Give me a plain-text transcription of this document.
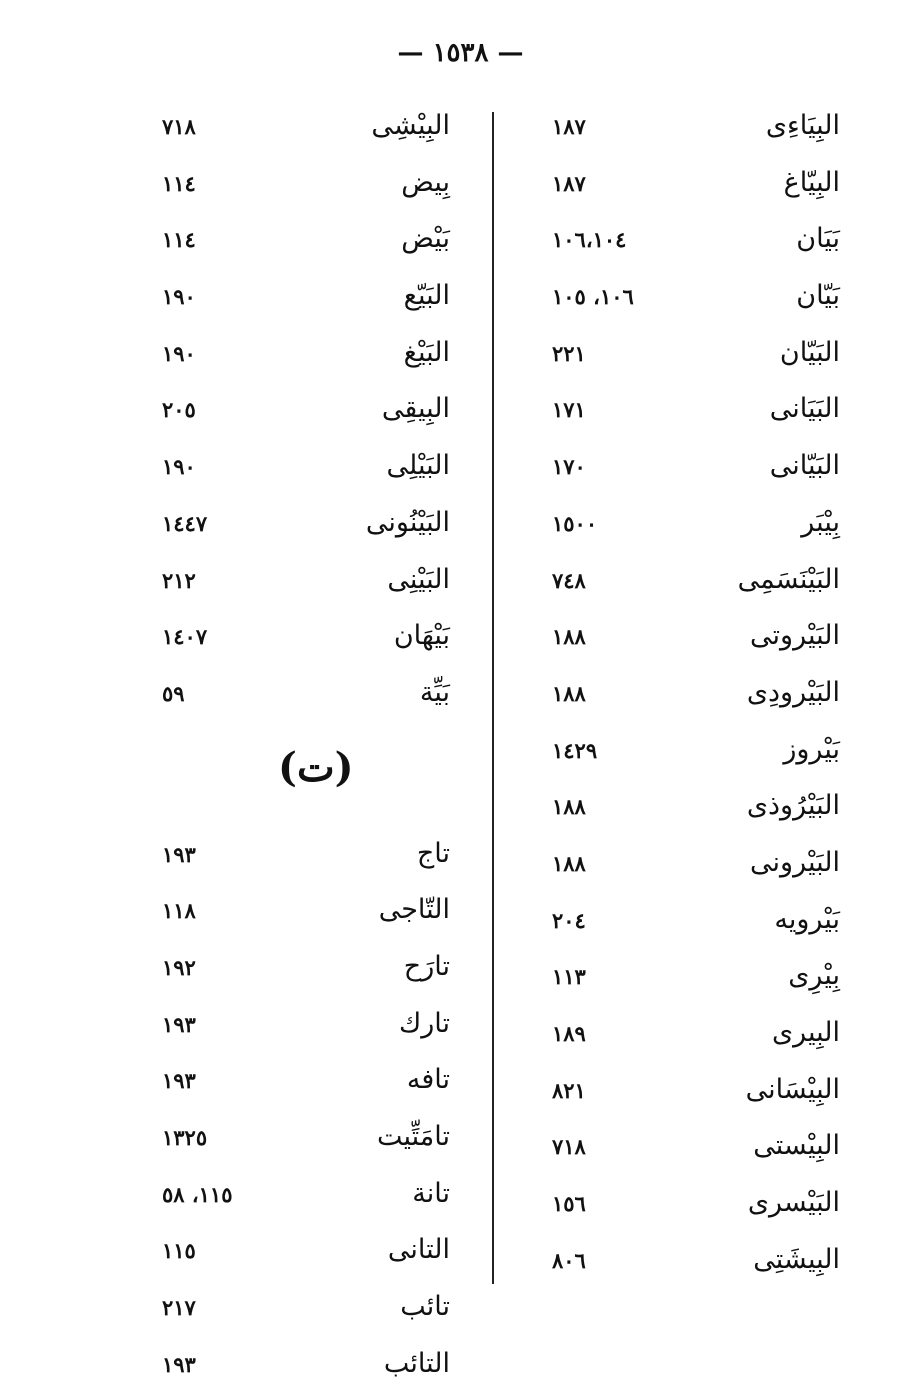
— ١٥٣٨ —
البِيَاءِى
١٨٧
البِيّاغ
١٨٧
بَيَان
١٠٦،١٠٤
بَيّان
١٠٦، ١٠٥
البَيّان
٢٢١
البَيَانى
١٧١
البَيّانى
١٧٠
بِيْبَر
١٥٠٠
البَيْنَسَمِى
٧٤٨
البَيْروتى
١٨٨
البَيْرودِى
١٨٨
بَيْروز
١٤٢٩
البَيْرُوذى
١٨٨
البَيْرونى
١٨٨
بَيْرويه
٢٠٤
بِيْرِى
١١٣
البِيرى
١٨٩
البِيْسَانى
٨٢١
البِيْستى
٧١٨
البَيْسرى
١٥٦
البِيشَتِى
٨٠٦
البِيْشِى
٧١٨
بِيض
١١٤
بَيْض
١١٤
البَيّع
١٩٠
البَيْغ
١٩٠
البِيقِى
٢٠٥
البَيْلِى
١٩٠
البَيْنُونى
١٤٤٧
البَيْنِى
٢١٢
بَيْهَان
١٤٠٧
بَيِّة
٥٩
(ت)
تاج
١٩٣
التّاجى
١١٨
تارَح
١٩٢
تارك
١٩٣
تافه
١٩٣
تامَتِّيت
١٣٢٥
تانة
١١٥، ٥٨
التانى
١١٥
تائب
٢١٧
التائب
١٩٣
